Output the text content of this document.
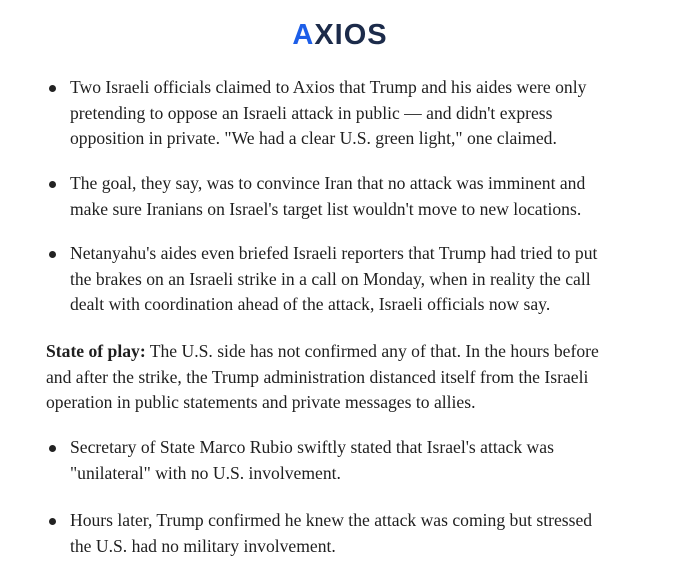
AXIOS
Two Israeli officials claimed to Axios that Trump and his aides were only
pretending to oppose an Israeli attack in public — and didn't express
opposition in private. "We had a clear U.S. green light," one claimed.
The goal, they say, was to convince Iran that no attack was imminent and
make sure Iranians on Israel's target list wouldn't move to new locations.
Netanyahu's aides even briefed Israeli reporters that Trump had tried to put
the brakes on an Israeli strike in a call on Monday, when in reality the call
dealt with coordination ahead of the attack, Israeli officials now say.
State of play: The U.S. side has not confirmed any of that. In the hours before
and after the strike, the Trump administration distanced itself from the Israeli
operation in public statements and private messages to allies.
Secretary of State Marco Rubio swiftly stated that Israel's attack was
"unilateral" with no U.S. involvement.
Hours later, Trump confirmed he knew the attack was coming but stressed
the U.S. had no military involvement.
